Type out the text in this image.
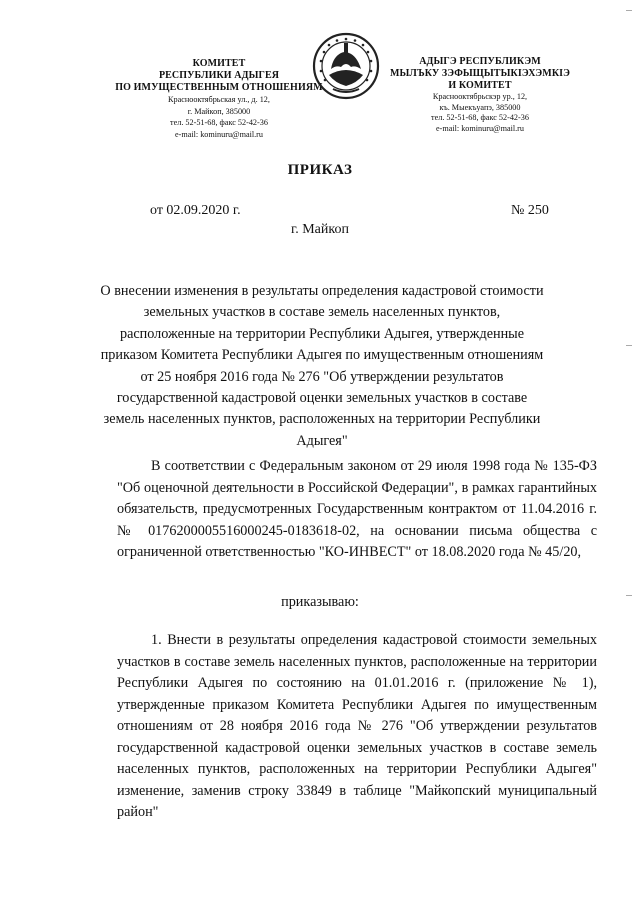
КОМИТЕТ
РЕСПУБЛИКИ АДЫГЕЯ
ПО ИМУЩЕСТВЕННЫМ ОТНОШЕНИЯМ
Краснооктябрьская ул., д. 12,
г. Майкоп, 385000
тел. 52-51-68, факс 52-42-36
e-mail: kominuru@mail.ru
АДЫГЭ РЕСПУБЛИКЭМ
МЫЛЪКУ ЗЭФЫЩЫТЫКІЭХЭМКІЭ
И КОМИТЕТ
Краснооктябрьскэр ур., 12,
къ. Мыекъуапэ, 385000
тел. 52-51-68, факс 52-42-36
e-mail: kominuru@mail.ru
ПРИКАЗ
от 02.09.2020 г.	№ 250
г. Майкоп
О внесении изменения в результаты определения кадастровой стоимости земельных участков в составе земель населенных пунктов, расположенные на территории Республики Адыгея, утвержденные приказом Комитета Республики Адыгея по имущественным отношениям от 25 ноября 2016 года № 276 "Об утверждении результатов государственной кадастровой оценки земельных участков в составе земель населенных пунктов, расположенных на территории Республики Адыгея"
В соответствии с Федеральным законом от 29 июля 1998 года № 135-ФЗ "Об оценочной деятельности в Российской Федерации", в рамках гарантийных обязательств, предусмотренных Государственным контрактом от 11.04.2016 г. № 0176200005516000245-0183618-02, на основании письма общества с ограниченной ответственностью "КО-ИНВЕСТ" от 18.08.2020 года № 45/20,
приказываю:
1. Внести в результаты определения кадастровой стоимости земельных участков в составе земель населенных пунктов, расположенные на территории Республики Адыгея по состоянию на 01.01.2016 г. (приложение № 1), утвержденные приказом Комитета Республики Адыгея по имущественным отношениям от 28 ноября 2016 года № 276 "Об утверждении результатов государственной кадастровой оценки земельных участков в составе земель населенных пунктов, расположенных на территории Республики Адыгея" изменение, заменив строку 33849 в таблице "Майкопский муниципальный район"
